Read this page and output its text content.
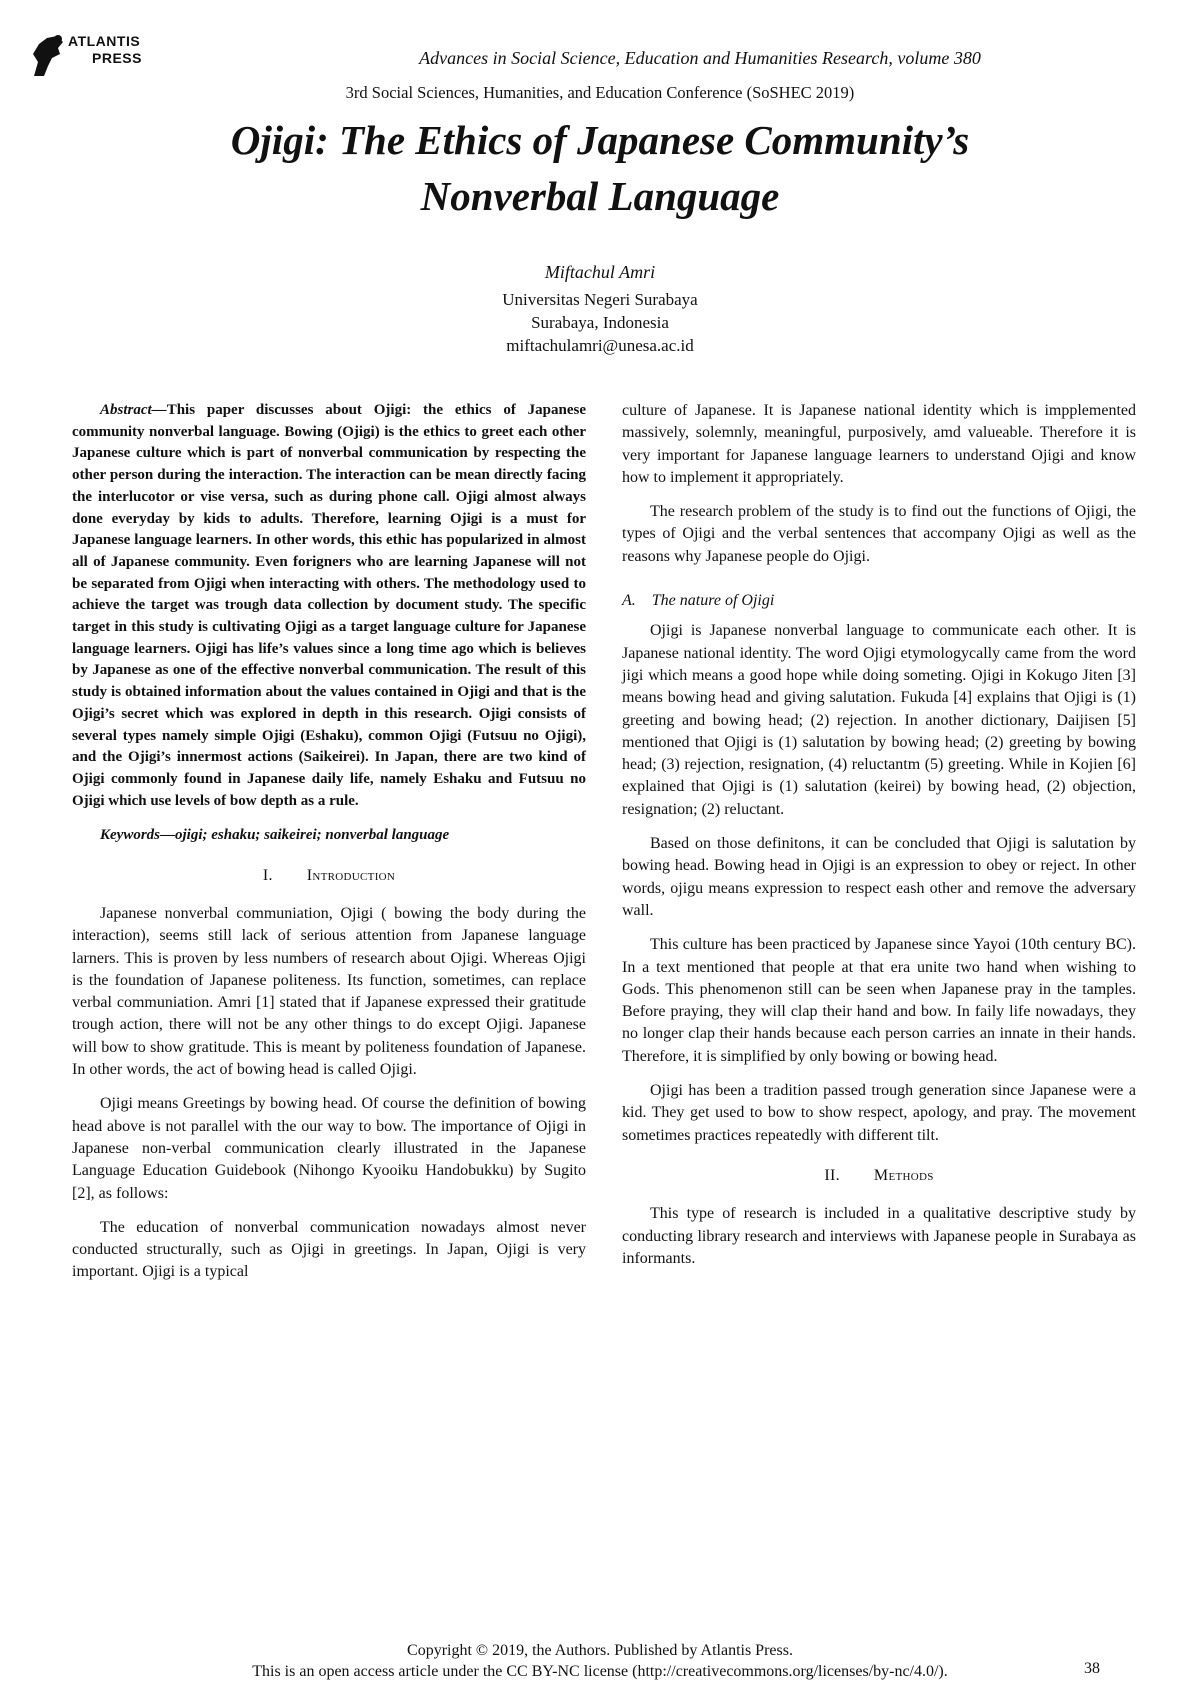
ATLANTIS
PRESS	Advances in Social Science, Education and Humanities Research, volume 380
3rd Social Sciences, Humanities, and Education Conference (SoSHEC 2019)
Ojigi: The Ethics of Japanese Community’s
Nonverbal Language
Miftachul Amri
Universitas Negeri Surabaya
Surabaya, Indonesia
miftachulamri@unesa.ac.id

Abstract—This paper discusses about Ojigi: the ethics of Japanese community nonverbal language. Bowing (Ojigi) is the ethics to greet each other Japanese culture which is part of nonverbal communication by respecting the other person during the interaction. The interaction can be mean directly facing the interlucotor or vise versa, such as during phone call. Ojigi almost always done everyday by kids to adults. Therefore, learning Ojigi is a must for Japanese language learners. In other words, this ethic has popularized in almost all of Japanese community. Even forigners who are learning Japanese will not be separated from Ojigi when interacting with others. The methodology used to achieve the target was trough data collection by document study. The specific target in this study is cultivating Ojigi as a target language culture for Japanese language learners. Ojigi has life’s values since a long time ago which is believes by Japanese as one of the effective nonverbal communication. The result of this study is obtained information about the values contained in Ojigi and that is the Ojigi’s secret which was explored in depth in this research. Ojigi consists of several types namely simple Ojigi (Eshaku), common Ojigi (Futsuu no Ojigi), and the Ojigi’s innermost actions (Saikeirei). In Japan, there are two kind of Ojigi commonly found in Japanese daily life, namely Eshaku and Futsuu no Ojigi which use levels of bow depth as a rule.

Keywords—ojigi; eshaku; saikeirei; nonverbal language

I. Introduction

Japanese nonverbal communiation, Ojigi ( bowing the body during the interaction), seems still lack of serious attention from Japanese language larners. This is proven by less numbers of research about Ojigi. Whereas Ojigi is the foundation of Japanese politeness. Its function, sometimes, can replace verbal communiation. Amri [1] stated that if Japanese expressed their gratitude trough action, there will not be any other things to do except Ojigi. Japanese will bow to show gratitude. This is meant by politeness foundation of Japanese. In other words, the act of bowing head is called Ojigi.

Ojigi means Greetings by bowing head. Of course the definition of bowing head above is not parallel with the our way to bow. The importance of Ojigi in Japanese non-verbal communication clearly illustrated in the Japanese Language Education Guidebook (Nihongo Kyooiku Handobukku) by Sugito [2], as follows:

The education of nonverbal communication nowadays almost never conducted structurally, such as Ojigi in greetings. In Japan, Ojigi is very important. Ojigi is a typical

culture of Japanese. It is Japanese national identity which is impplemented massively, solemnly, meaningful, purposively, amd valueable. Therefore it is very important for Japanese language learners to understand Ojigi and know how to implement it appropriately.

The research problem of the study is to find out the functions of Ojigi, the types of Ojigi and the verbal sentences that accompany Ojigi as well as the reasons why Japanese people do Ojigi.

A. The nature of Ojigi

Ojigi is Japanese nonverbal language to communicate each other. It is Japanese national identity. The word Ojigi etymologycally came from the word jigi which means a good hope while doing someting. Ojigi in Kokugo Jiten [3] means bowing head and giving salutation. Fukuda [4] explains that Ojigi is (1) greeting and bowing head; (2) rejection. In another dictionary, Daijisen [5] mentioned that Ojigi is (1) salutation by bowing head; (2) greeting by bowing head; (3) rejection, resignation, (4) reluctantm (5) greeting. While in Kojien [6] explained that Ojigi is (1) salutation (keirei) by bowing head, (2) objection, resignation; (2) reluctant.

Based on those definitons, it can be concluded that Ojigi is salutation by bowing head. Bowing head in Ojigi is an expression to obey or reject. In other words, ojigu means expression to respect eash other and remove the adversary wall.

This culture has been practiced by Japanese since Yayoi (10th century BC). In a text mentioned that people at that era unite two hand when wishing to Gods. This phenomenon still can be seen when Japanese pray in the tamples. Before praying, they will clap their hand and bow. In faily life nowadays, they no longer clap their hands because each person carries an innate in their hands. Therefore, it is simplified by only bowing or bowing head.

Ojigi has been a tradition passed trough generation since Japanese were a kid. They get used to bow to show respect, apology, and pray. The movement sometimes practices repeatedly with different tilt.

II. Methods

This type of research is included in a qualitative descriptive study by conducting library research and interviews with Japanese people in Surabaya as informants.

Copyright © 2019, the Authors. Published by Atlantis Press.
This is an open access article under the CC BY-NC license (http://creativecommons.org/licenses/by-nc/4.0/).	38
